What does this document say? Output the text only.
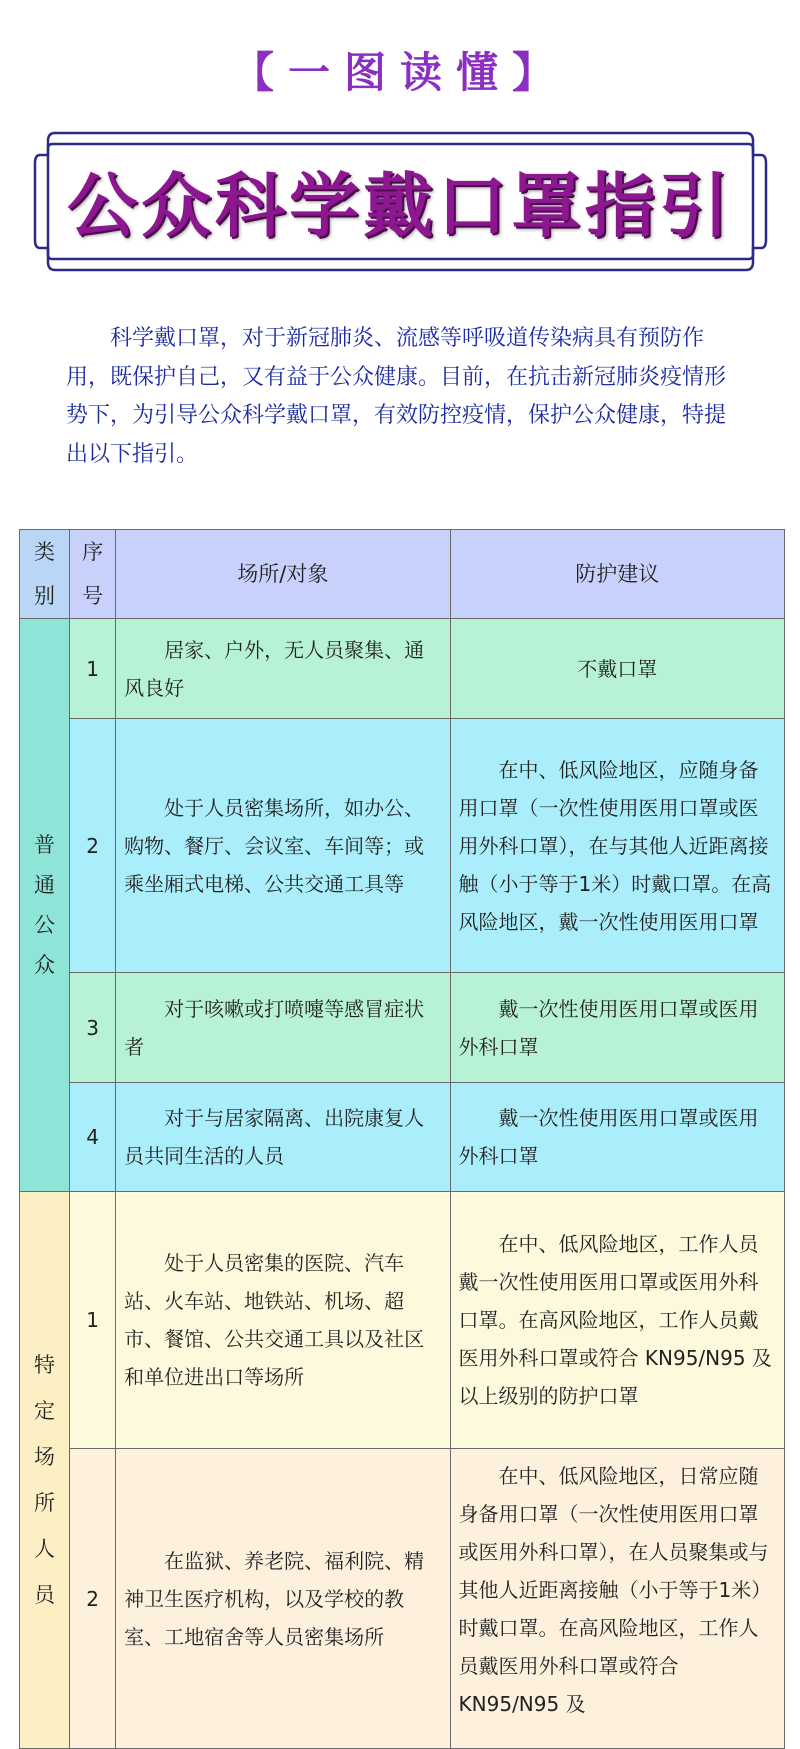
【一图读懂】
公众科学戴口罩指引

科学戴口罩，对于新冠肺炎、流感等呼吸道传染病具有预防作用，既保护自己，又有益于公众健康。目前，在抗击新冠肺炎疫情形势下，为引导公众科学戴口罩，有效防控疫情，保护公众健康，特提出以下指引。

类别	序号	场所/对象	防护建议
普通公众	1	居家、户外，无人员聚集、通风良好	不戴口罩
	2	处于人员密集场所，如办公、购物、餐厅、会议室、车间等；或乘坐厢式电梯、公共交通工具等	在中、低风险地区，应随身备用口罩（一次性使用医用口罩或医用外科口罩），在与其他人近距离接触（小于等于1米）时戴口罩。在高风险地区，戴一次性使用医用口罩
	3	对于咳嗽或打喷嚏等感冒症状者	戴一次性使用医用口罩或医用外科口罩
	4	对于与居家隔离、出院康复人员共同生活的人员	戴一次性使用医用口罩或医用外科口罩
特定场所人员	1	处于人员密集的医院、汽车站、火车站、地铁站、机场、超市、餐馆、公共交通工具以及社区和单位进出口等场所	在中、低风险地区，工作人员戴一次性使用医用口罩或医用外科口罩。在高风险地区，工作人员戴医用外科口罩或符合 KN95/N95 及以上级别的防护口罩
	2	在监狱、养老院、福利院、精神卫生医疗机构，以及学校的教室、工地宿舍等人员密集场所	在中、低风险地区，日常应随身备用口罩（一次性使用医用口罩或医用外科口罩），在人员聚集或与其他人近距离接触（小于等于1米）时戴口罩。在高风险地区，工作人员戴医用外科口罩或符合 KN95/N95 及
